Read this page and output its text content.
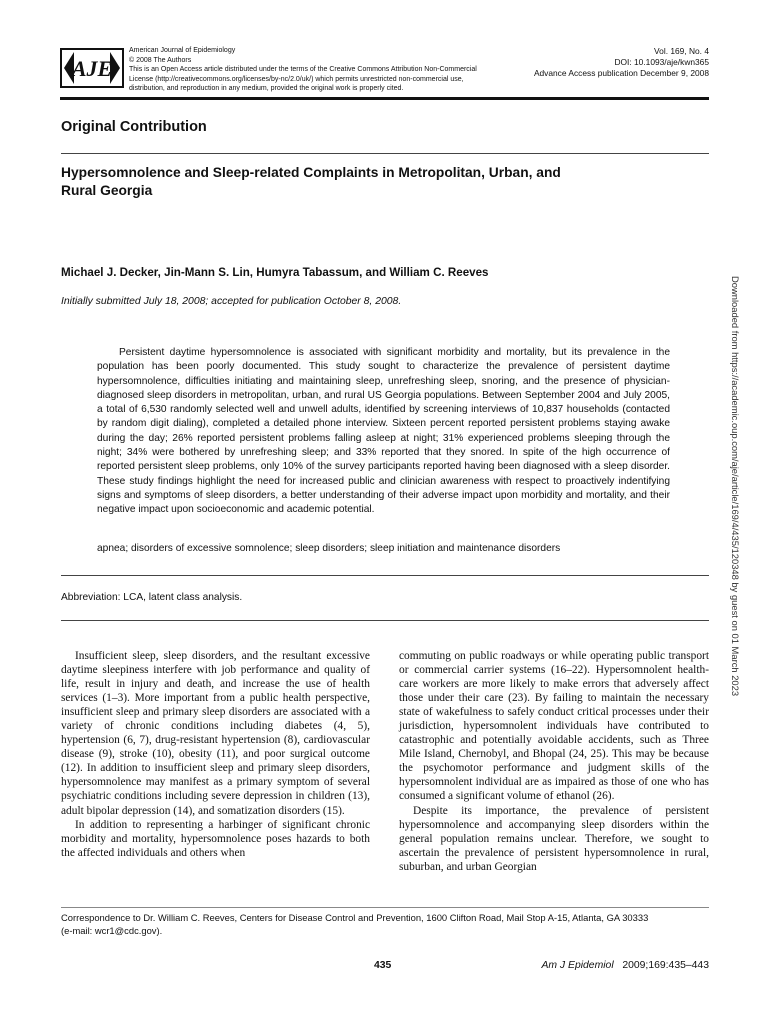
AJE
American Journal of Epidemiology
© 2008 The Authors
This is an Open Access article distributed under the terms of the Creative Commons Attribution Non-Commercial
License (http://creativecommons.org/licenses/by-nc/2.0/uk/) which permits unrestricted non-commercial use,
distribution, and reproduction in any medium, provided the original work is properly cited.
Vol. 169, No. 4
DOI: 10.1093/aje/kwn365
Advance Access publication December 9, 2008
Original Contribution
Hypersomnolence and Sleep-related Complaints in Metropolitan, Urban, and
Rural Georgia
Michael J. Decker, Jin-Mann S. Lin, Humyra Tabassum, and William C. Reeves
Initially submitted July 18, 2008; accepted for publication October 8, 2008.

Persistent daytime hypersomnolence is associated with significant morbidity and mortality, but its prevalence in the population has been poorly documented. This study sought to characterize the prevalence of persistent daytime hypersomnolence, difficulties initiating and maintaining sleep, unrefreshing sleep, snoring, and the presence of physician-diagnosed sleep disorders in metropolitan, urban, and rural US Georgia populations. Between September 2004 and July 2005, a total of 6,530 randomly selected well and unwell adults, identified by screening interviews of 10,837 households (contacted by random digit dialing), completed a detailed phone interview. Sixteen percent reported persistent problems staying awake during the day; 26% reported persistent problems falling asleep at night; 31% experienced problems sleeping through the night; 34% were bothered by unrefreshing sleep; and 33% reported that they snored. In spite of the high occurrence of reported persistent sleep problems, only 10% of the survey participants reported having been diagnosed with a sleep disorder. These study findings highlight the need for increased public and clinician awareness with respect to proactively indentifying signs and symptoms of sleep disorders, a better understanding of their adverse impact upon morbidity and mortality, and their negative impact upon socioeconomic and academic potential.

apnea; disorders of excessive somnolence; sleep disorders; sleep initiation and maintenance disorders
Abbreviation: LCA, latent class analysis.

Insufficient sleep, sleep disorders, and the resultant excessive daytime sleepiness interfere with job performance and quality of life, result in injury and death, and increase the use of health services (1–3). More important from a public health perspective, insufficient sleep and primary sleep disorders are associated with a variety of chronic conditions including diabetes (4, 5), hypertension (6, 7), drug-resistant hypertension (8), cardiovascular disease (9), stroke (10), obesity (11), and poor surgical outcome (12). In addition to insufficient sleep and primary sleep disorders, hypersomnolence may manifest as a primary symptom of several psychiatric conditions including severe depression in children (13), adult bipolar depression (14), and somatization disorders (15).

In addition to representing a harbinger of significant chronic morbidity and mortality, hypersomnolence poses hazards to both the affected individuals and others when

commuting on public roadways or while operating public transport or commercial carrier systems (16–22). Hypersomnolent health-care workers are more likely to make errors that adversely affect those under their care (23). By failing to maintain the necessary state of wakefulness to safely conduct critical processes under their jurisdiction, hypersomnolent individuals have contributed to catastrophic and potentially avoidable accidents, such as Three Mile Island, Chernobyl, and Bhopal (24, 25). This may be because the psychomotor performance and judgment skills of the hypersomnolent individual are as impaired as those of one who has consumed a significant volume of ethanol (26).

Despite its importance, the prevalence of persistent hypersomnolence and accompanying sleep disorders within the general population remains unclear. Therefore, we sought to ascertain the prevalence of persistent hypersomnolence in rural, suburban, and urban Georgian

Correspondence to Dr. William C. Reeves, Centers for Disease Control and Prevention, 1600 Clifton Road, Mail Stop A-15, Atlanta, GA 30333
(e-mail: wcr1@cdc.gov).
435	Am J Epidemiol 2009;169:435–443
Downloaded from https://academic.oup.com/aje/article/169/4/435/120348 by guest on 01 March 2023
